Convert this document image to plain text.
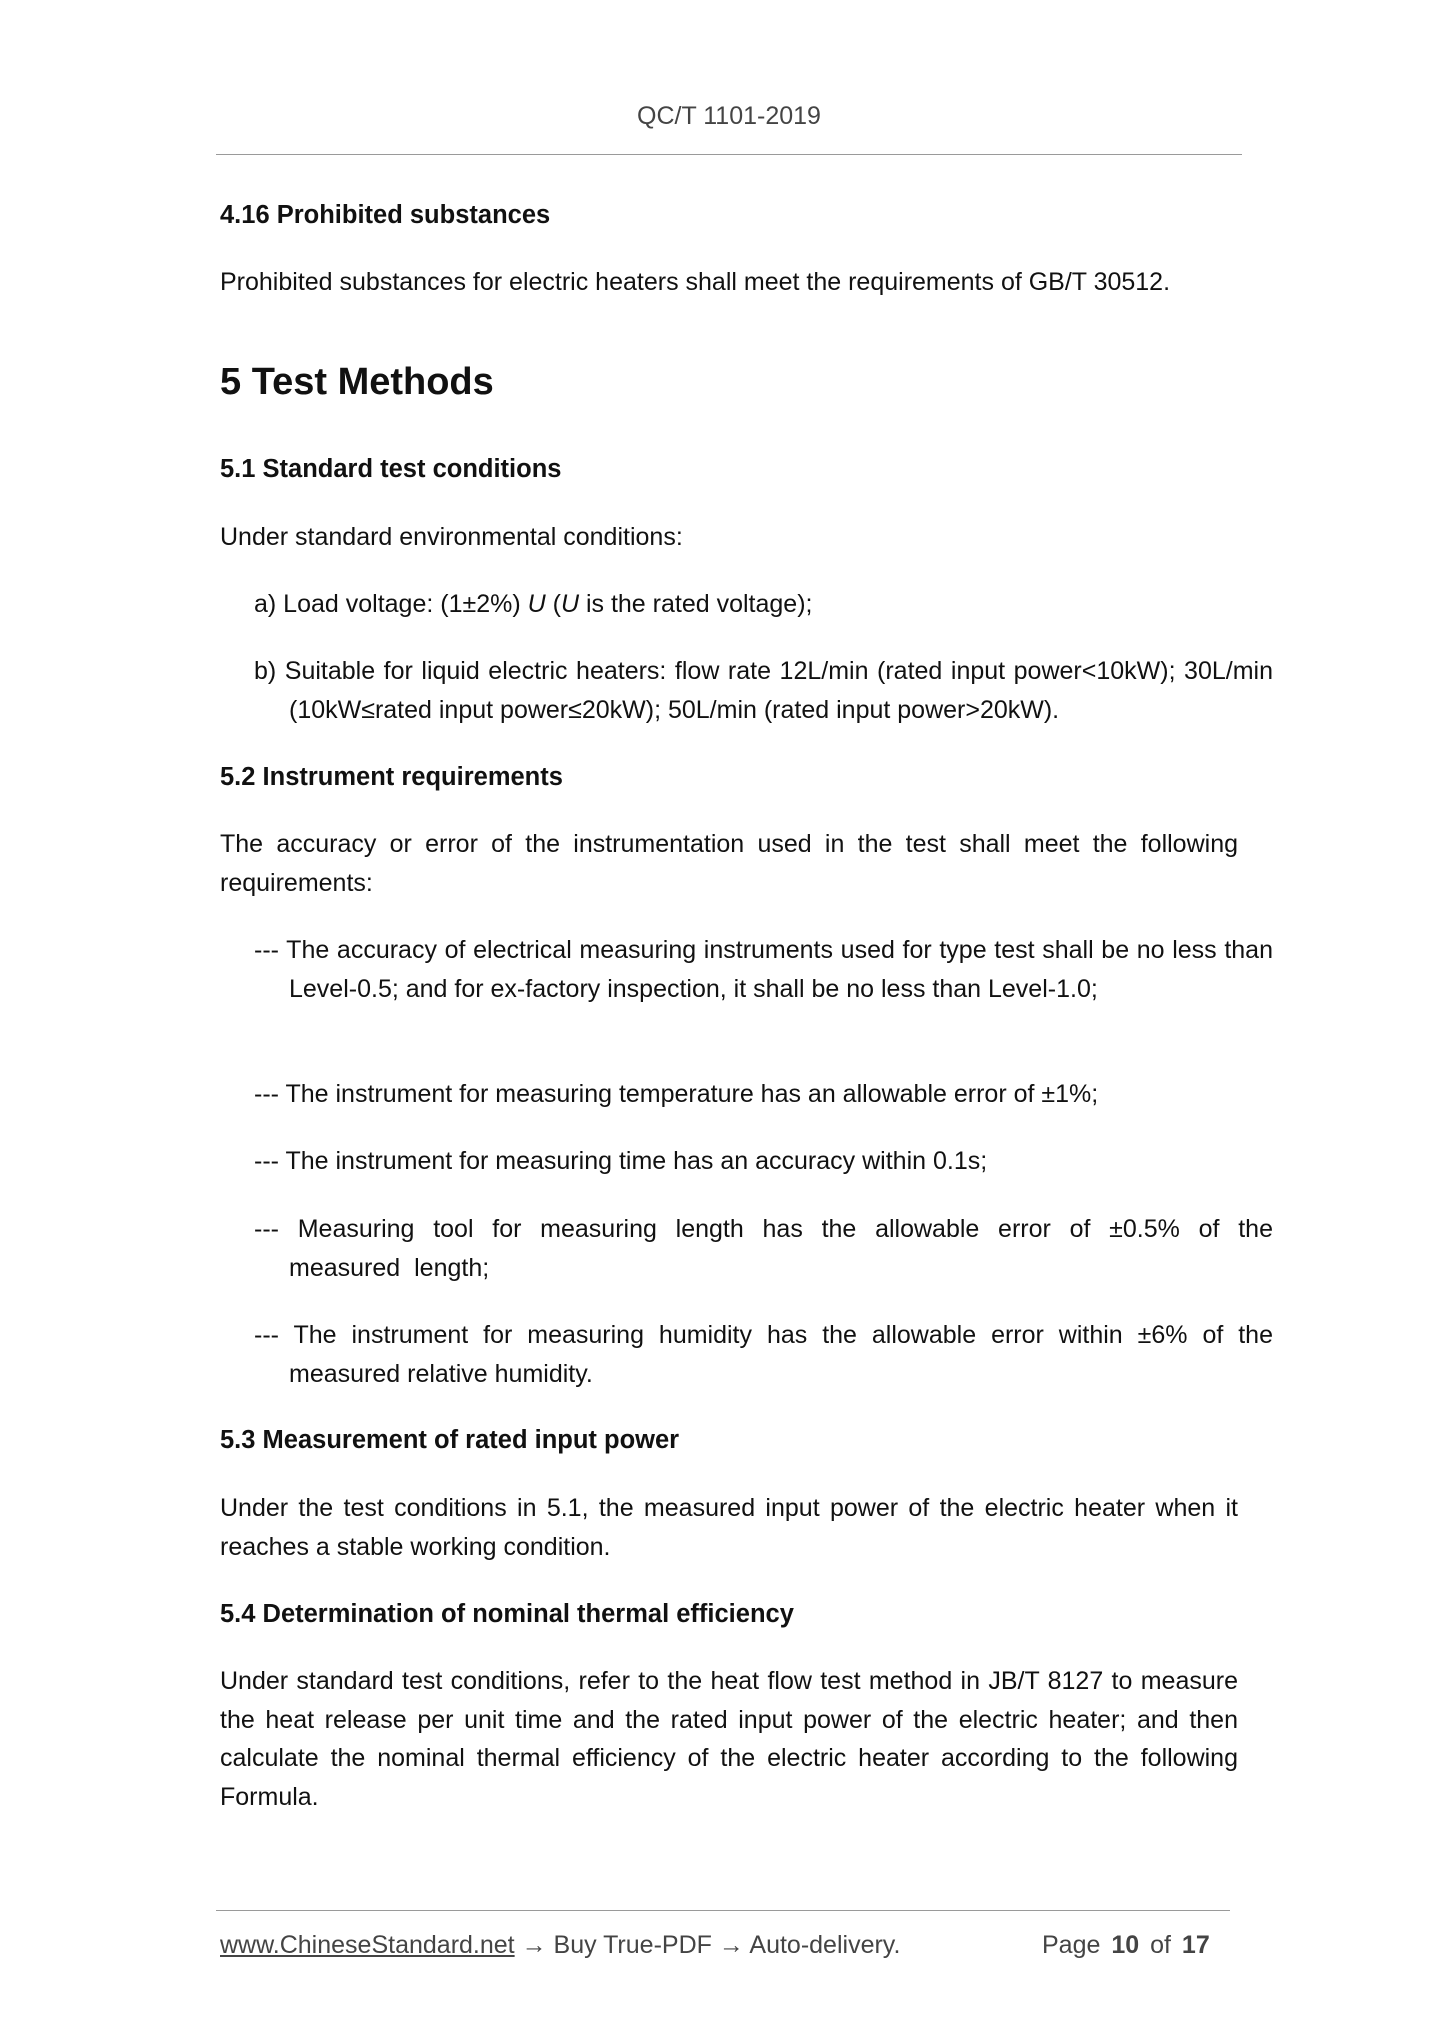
QC/T 1101-2019

4.16 Prohibited substances

Prohibited substances for electric heaters shall meet the requirements of GB/T 30512.

5 Test Methods

5.1 Standard test conditions

Under standard environmental conditions:

a) Load voltage: (1±2%) U (U is the rated voltage);

b) Suitable for liquid electric heaters: flow rate 12L/min (rated input power<10kW); 30L/min (10kW≤rated input power≤20kW); 50L/min (rated input power>20kW).

5.2 Instrument requirements

The accuracy or error of the instrumentation used in the test shall meet the following requirements:

--- The accuracy of electrical measuring instruments used for type test shall be no less than Level-0.5; and for ex-factory inspection, it shall be no less than Level-1.0;

--- The instrument for measuring temperature has an allowable error of ±1%;

--- The instrument for measuring time has an accuracy within 0.1s;

--- Measuring tool for measuring length has the allowable error of ±0.5% of the measured length;

--- The instrument for measuring humidity has the allowable error within ±6% of the measured relative humidity.

5.3 Measurement of rated input power

Under the test conditions in 5.1, the measured input power of the electric heater when it reaches a stable working condition.

5.4 Determination of nominal thermal efficiency

Under standard test conditions, refer to the heat flow test method in JB/T 8127 to measure the heat release per unit time and the rated input power of the electric heater; and then calculate the nominal thermal efficiency of the electric heater according to the following Formula.

www.ChineseStandard.net → Buy True-PDF → Auto-delivery.	Page 10 of 17
